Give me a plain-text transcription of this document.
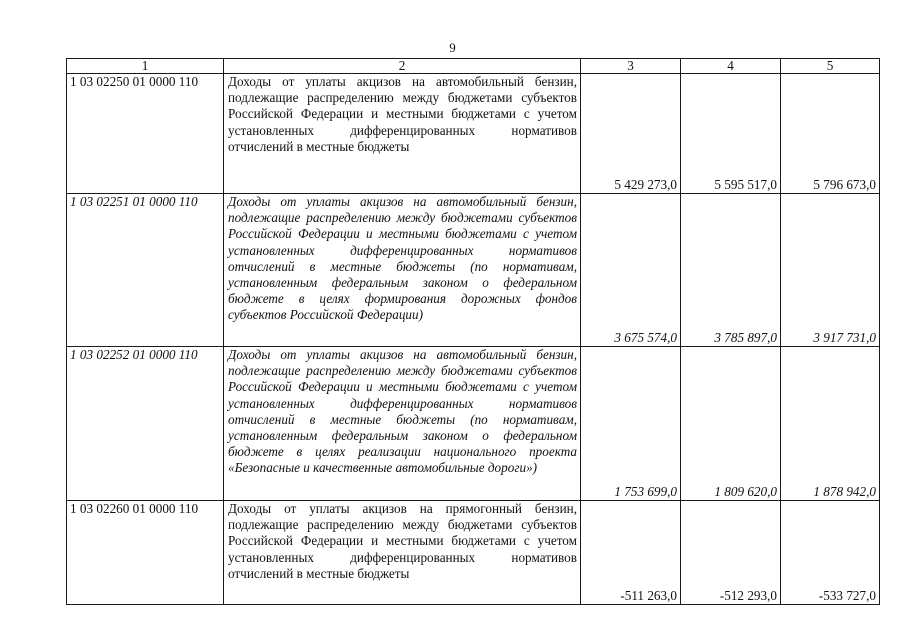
9
1	2	3	4	5
1 03 02250 01 0000 110	Доходы от уплаты акцизов на автомобильный бензин, подлежащие распределению между бюджетами субъектов Российской Федерации и местными бюджетами с учетом установленных дифференцированных нормативов отчислений в местные бюджеты	5 429 273,0	5 595 517,0	5 796 673,0
1 03 02251 01 0000 110	Доходы от уплаты акцизов на автомобильный бензин, подлежащие распределению между бюджетами субъектов Российской Федерации и местными бюджетами с учетом установленных дифференцированных нормативов отчислений в местные бюджеты (по нормативам, установленным федеральным законом о федеральном бюджете в целях формирования дорожных фондов субъектов Российской Федерации)	3 675 574,0	3 785 897,0	3 917 731,0
1 03 02252 01 0000 110	Доходы от уплаты акцизов на автомобильный бензин, подлежащие распределению между бюджетами субъектов Российской Федерации и местными бюджетами с учетом установленных дифференцированных нормативов отчислений в местные бюджеты (по нормативам, установленным федеральным законом о федеральном бюджете в целях реализации национального проекта «Безопасные и качественные автомобильные дороги»)	1 753 699,0	1 809 620,0	1 878 942,0
1 03 02260 01 0000 110	Доходы от уплаты акцизов на прямогонный бензин, подлежащие распределению между бюджетами субъектов Российской Федерации и местными бюджетами с учетом установленных дифференцированных нормативов отчислений в местные бюджеты	-511 263,0	-512 293,0	-533 727,0
